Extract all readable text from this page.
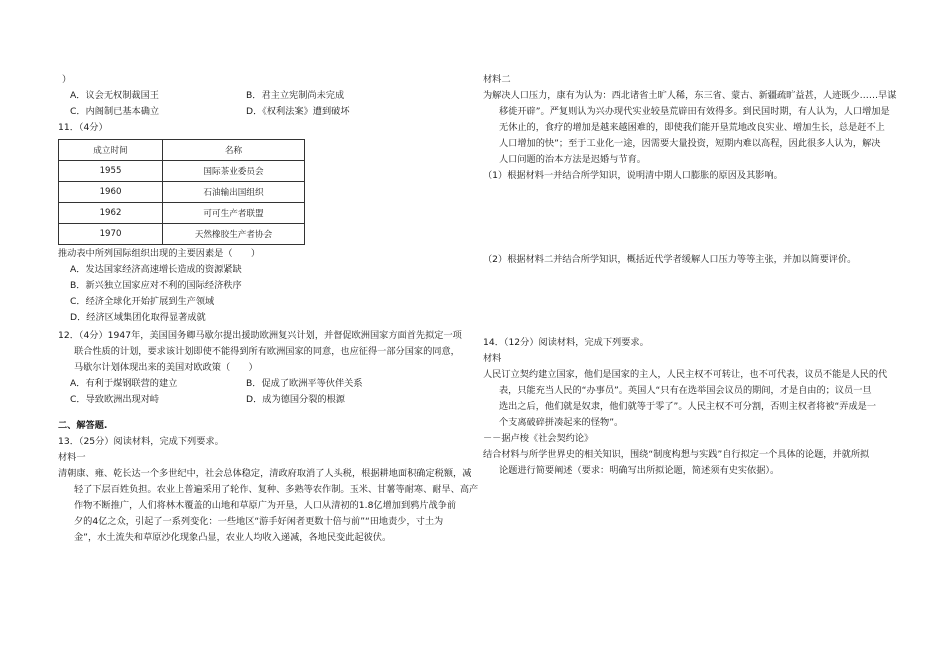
）
A．议会无权制裁国王	B．君主立宪制尚未完成
C．内阁制已基本确立	D．《权利法案》遭到破坏
11．（4分）
成立时间	名称
1955	国际茶业委员会
1960	石油输出国组织
1962	可可生产者联盟
1970	天然橡胶生产者协会
推动表中所列国际组织出现的主要因素是（　　）
A．发达国家经济高速增长造成的资源紧缺
B．新兴独立国家应对不利的国际经济秩序
C．经济全球化开始扩展到生产领域
D．经济区域集团化取得显著成就
12．（4分）1947年，美国国务卿马歇尔提出援助欧洲复兴计划，并督促欧洲国家方面首先拟定一项
联合性质的计划，要求该计划即使不能得到所有欧洲国家的同意，也应征得一部分国家的同意，
马歇尔计划体现出来的美国对欧政策（　　）
A．有利于煤钢联营的建立	B．促成了欧洲平等伙伴关系
C．导致欧洲出现对峙	D．成为德国分裂的根源
二、解答题.
13．（25分）阅读材料，完成下列要求。
材料一
清朝康、雍、乾长达一个多世纪中，社会总体稳定，清政府取消了人头税，根据耕地面积确定税额，减
轻了下层百姓负担。农业上普遍采用了轮作、复种、多熟等农作制。玉米、甘薯等耐寒、耐旱、高产
作物不断推广，人们将林木覆盖的山地和草原广为开垦，人口从清初的1.8亿增加到鸦片战争前
夕的4亿之众，引起了一系列变化：一些地区“游手好闲者更数十倍与前”“田地责少，寸土为
金”，水土流失和草原沙化现象凸显，农业人均收入递减，各地民变此起彼伏。
材料二
为解决人口压力，康有为认为：西北诸省土旷人稀，东三省、蒙古、新疆疏旷益甚，人迹既少……早谋
移徙开辟”。严复则认为兴办现代实业较垦荒辟田有效得多。到民国时期，有人认为，人口增加是
无休止的，食疗的增加是越来越困难的，即使我们能开垦荒地改良实业、增加生长，总是赶不上
人口增加的快”；至于工业化一途，因需要大量投资，短期内难以高程，因此很多人认为，解决
人口问题的治本方法是迟婚与节育。
（1）根据材料一并结合所学知识，说明清中期人口膨胀的原因及其影响。
（2）根据材料二并结合所学知识，概括近代学者缓解人口压力等等主张，并加以简要评价。
14．（12分）阅读材料，完成下列要求。
材料
人民订立契约建立国家，他们是国家的主人，人民主权不可转让，也不可代表，议员不能是人民的代
表，只能充当人民的“办事员”。英国人“只有在选举国会议员的期间，才是自由的；议员一旦
选出之后，他们就是奴隶，他们就等于零了”。人民主权不可分割，否则主权者将被“弄成是一
个支离破碎拼凑起来的怪物”。
－－据卢梭《社会契约论》
结合材料与所学世界史的相关知识，围绕“制度构想与实践”自行拟定一个具体的论题，并就所拟
论题进行简要阐述（要求：明确写出所拟论题，简述须有史实依据）。
